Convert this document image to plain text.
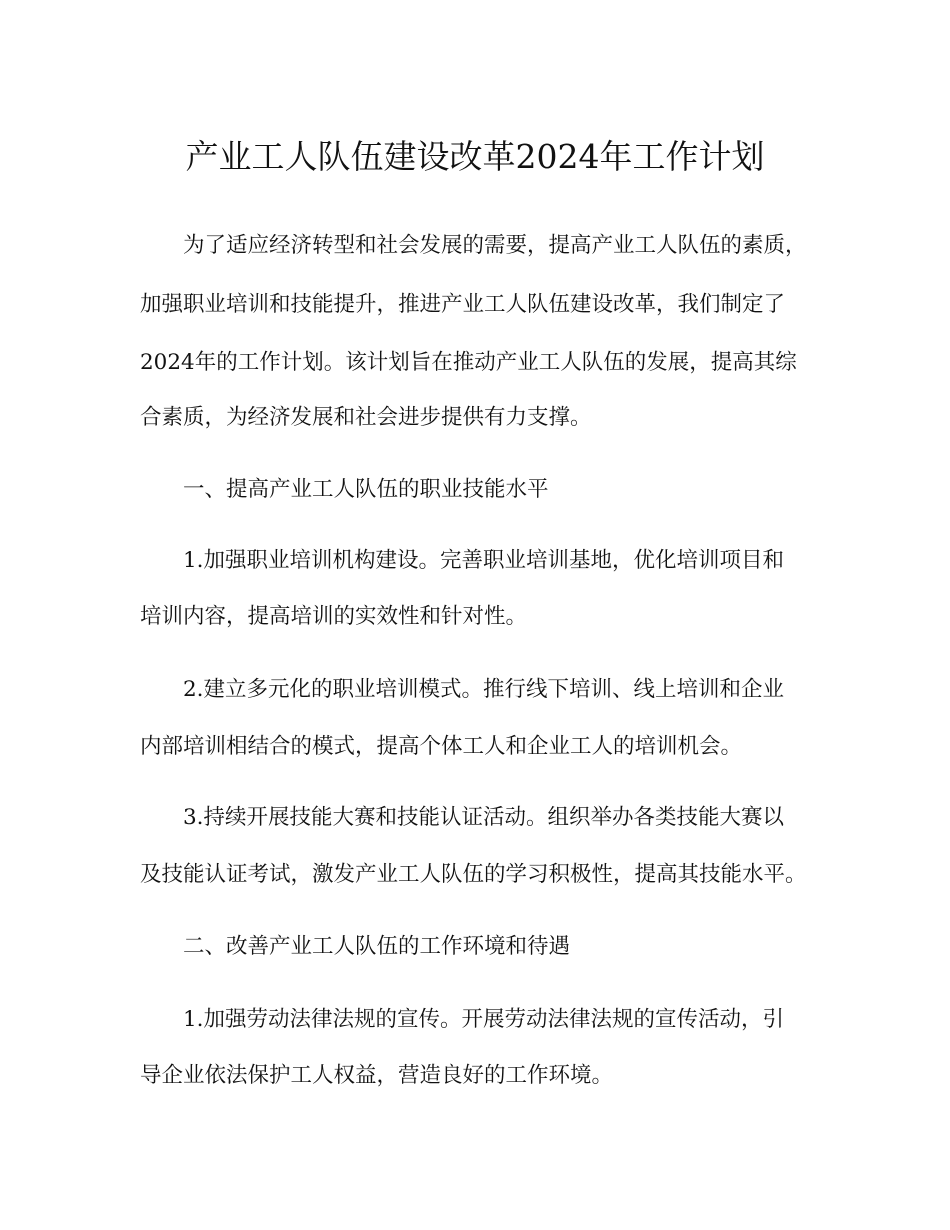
产业工人队伍建设改革2024年工作计划

为了适应经济转型和社会发展的需要，提高产业工人队伍的素质，

加强职业培训和技能提升，推进产业工人队伍建设改革，我们制定了

2024年的工作计划。该计划旨在推动产业工人队伍的发展，提高其综

合素质，为经济发展和社会进步提供有力支撑。

一、提高产业工人队伍的职业技能水平

1.加强职业培训机构建设。完善职业培训基地，优化培训项目和

培训内容，提高培训的实效性和针对性。

2.建立多元化的职业培训模式。推行线下培训、线上培训和企业

内部培训相结合的模式，提高个体工人和企业工人的培训机会。

3.持续开展技能大赛和技能认证活动。组织举办各类技能大赛以

及技能认证考试，激发产业工人队伍的学习积极性，提高其技能水平。

二、改善产业工人队伍的工作环境和待遇

1.加强劳动法律法规的宣传。开展劳动法律法规的宣传活动，引

导企业依法保护工人权益，营造良好的工作环境。
